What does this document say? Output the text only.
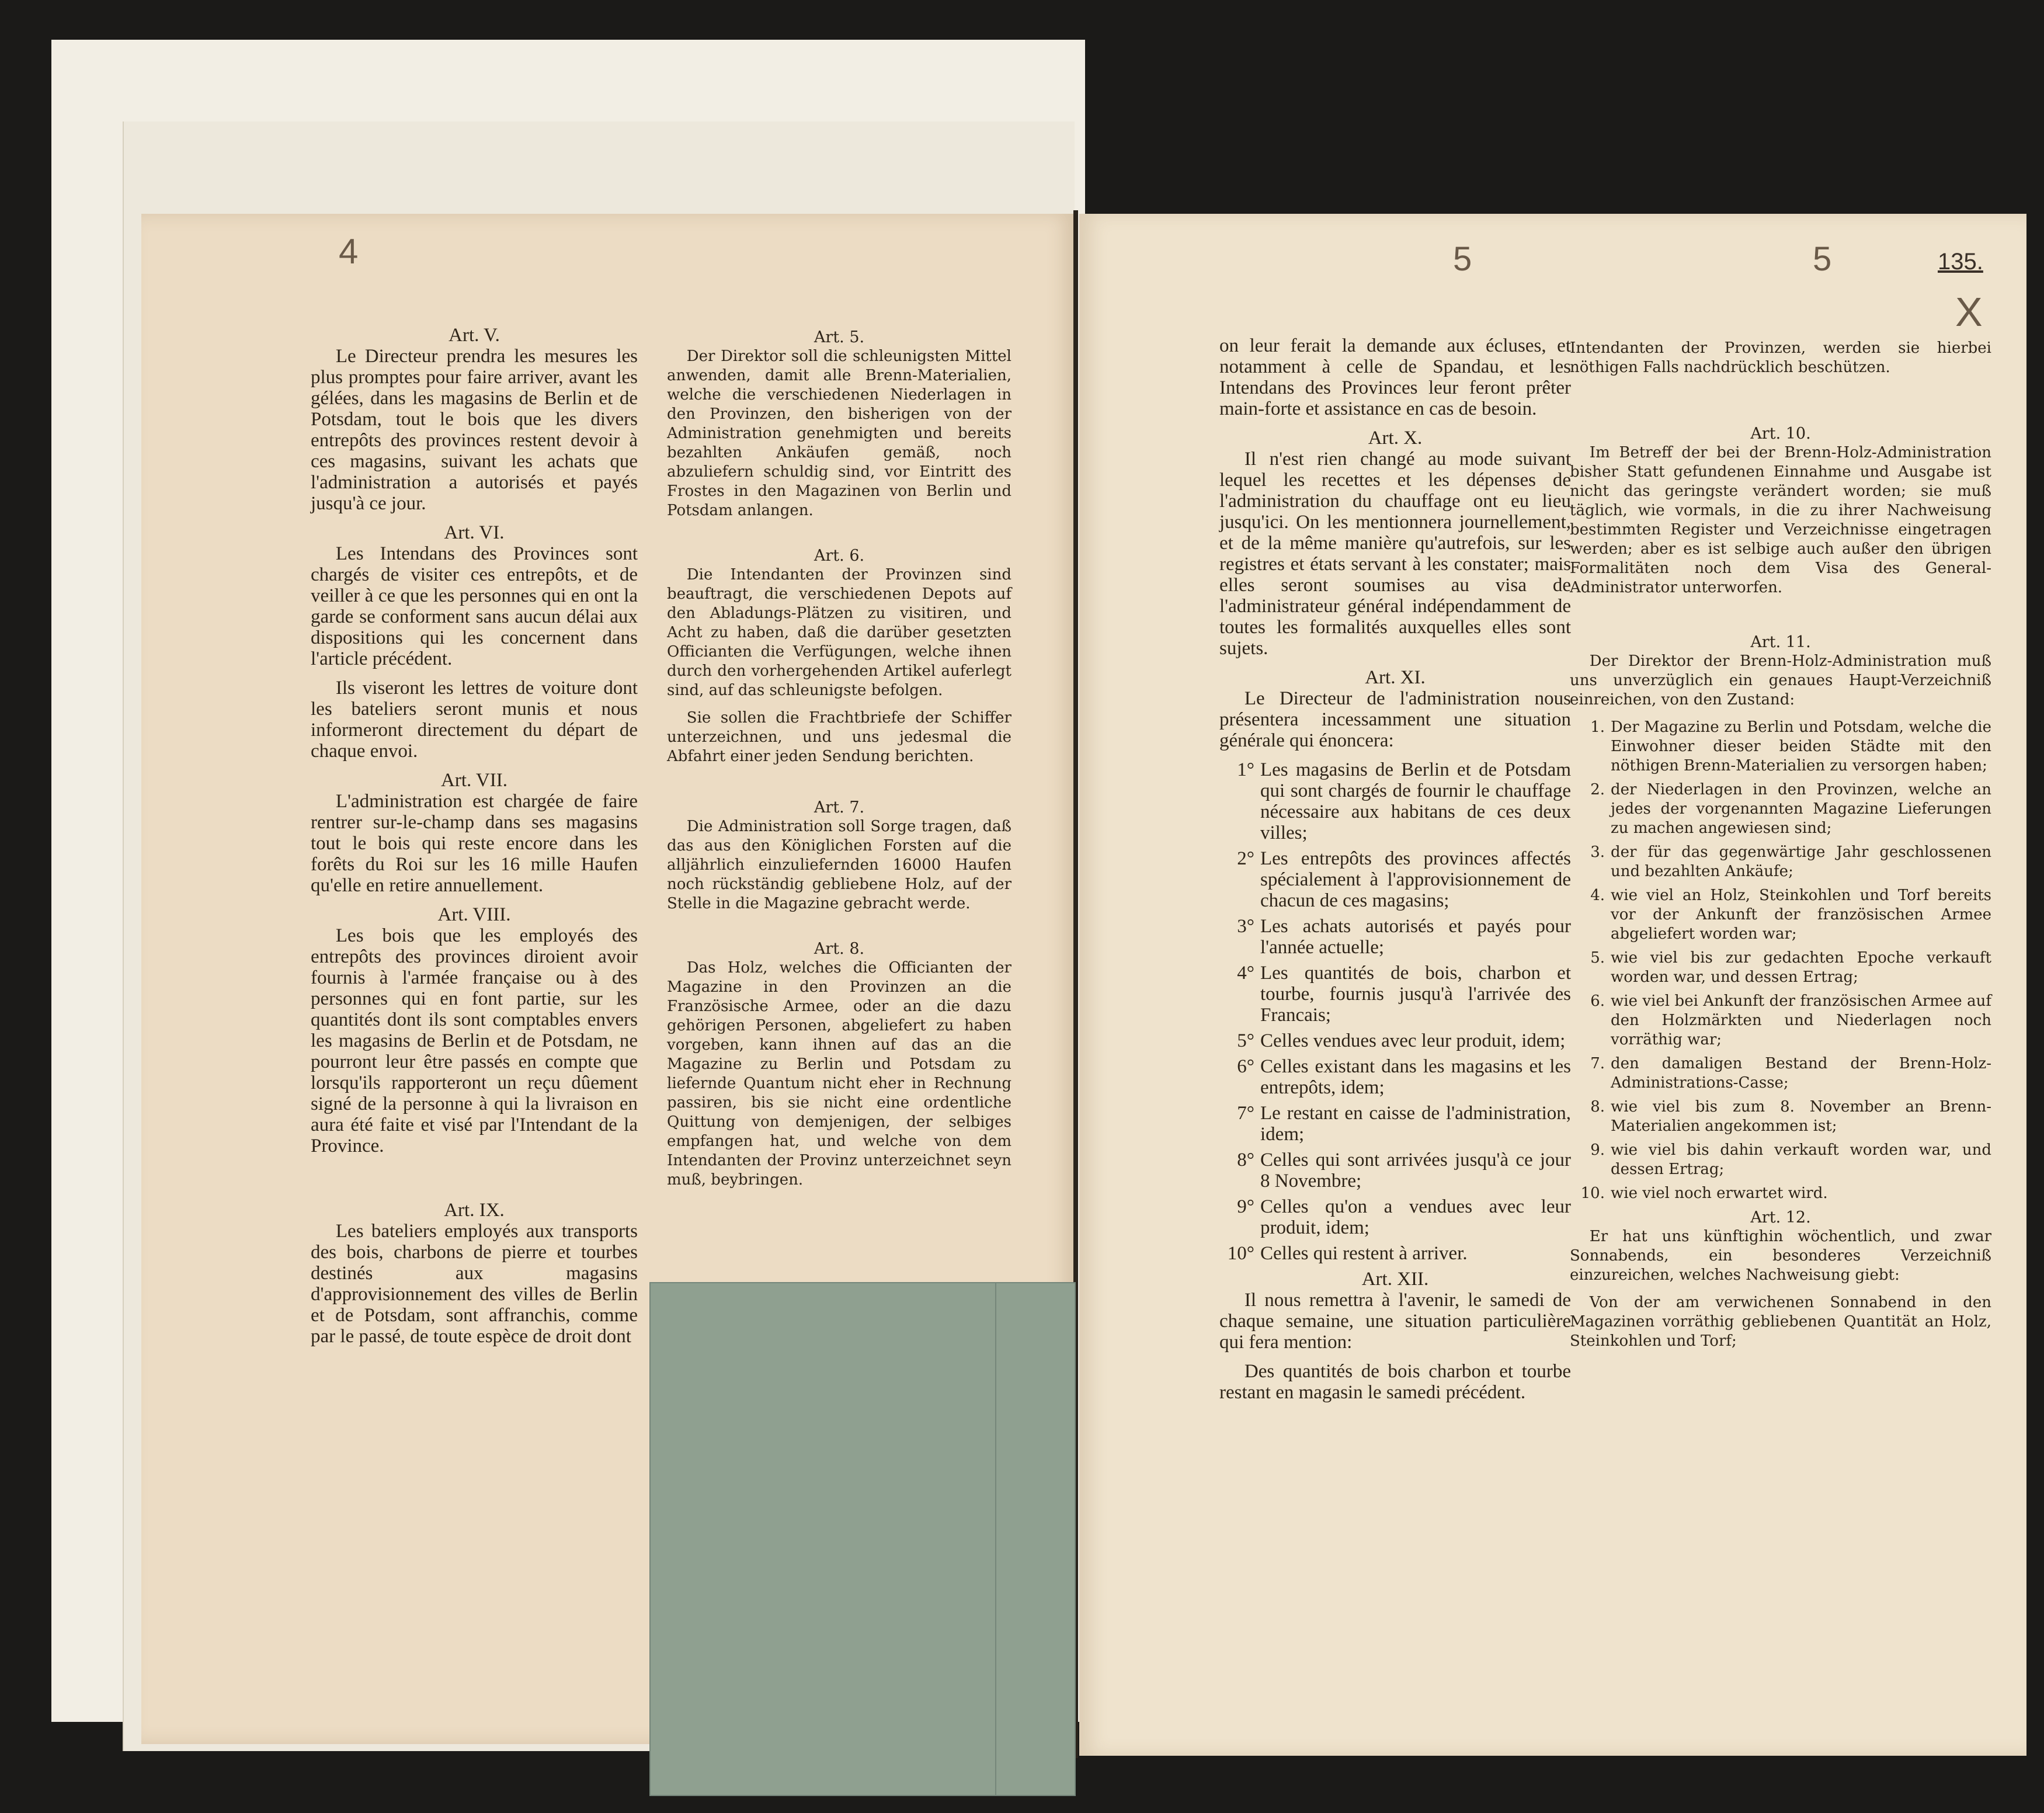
4
Art. V.

Le Directeur prendra les mesures les plus promptes pour faire arriver, avant les gélées, dans les magasins de Berlin et de Potsdam, tout le bois que les divers entrepôts des provinces restent devoir à ces magasins, suivant les achats que l'administration a autorisés et payés jusqu'à ce jour.

Art. VI.

Les Intendans des Provinces sont chargés de visiter ces entrepôts, et de veiller à ce que les personnes qui en ont la garde se conforment sans aucun délai aux dispositions qui les concernent dans l'article précédent.

Ils viseront les lettres de voiture dont les bateliers seront munis et nous informeront directement du départ de chaque envoi.

Art. VII.

L'administration est chargée de faire rentrer sur-le-champ dans ses magasins tout le bois qui reste encore dans les forêts du Roi sur les 16 mille Haufen qu'elle en retire annuellement.

Art. VIII.

Les bois que les employés des entrepôts des provinces diroient avoir fournis à l'armée française ou à des personnes qui en font partie, sur les quantités dont ils sont comptables envers les magasins de Berlin et de Potsdam, ne pourront leur être passés en compte que lorsqu'ils rapporteront un reçu dûement signé de la personne à qui la livraison en aura été faite et visé par l'Intendant de la Province.

Art. IX.

Les bateliers employés aux transports des bois, charbons de pierre et tourbes destinés aux magasins d'approvisionnement des villes de Berlin et de Potsdam, sont affranchis, comme par le passé, de toute espèce de droit dont

Art. 5.

Der Direktor soll die schleunigsten Mittel anwenden, damit alle Brenn-Materialien, welche die verschiedenen Niederlagen in den Provinzen, den bisherigen von der Administration genehmigten und bereits bezahlten Ankäufen gemäß, noch abzuliefern schuldig sind, vor Eintritt des Frostes in den Magazinen von Berlin und Potsdam anlangen.

Art. 6.

Die Intendanten der Provinzen sind beauftragt, die verschiedenen Depots auf den Abladungs-Plätzen zu visitiren, und Acht zu haben, daß die darüber gesetzten Officianten die Verfügungen, welche ihnen durch den vorhergehenden Artikel auferlegt sind, auf das schleunigste befolgen.

Sie sollen die Frachtbriefe der Schiffer unterzeichnen, und uns jedesmal die Abfahrt einer jeden Sendung berichten.

Art. 7.

Die Administration soll Sorge tragen, daß das aus den Königlichen Forsten auf die alljährlich einzuliefernden 16000 Haufen noch rückständig gebliebene Holz, auf der Stelle in die Magazine gebracht werde.

Art. 8.

Das Holz, welches die Officianten der Magazine in den Provinzen an die Französische Armee, oder an die dazu gehörigen Personen, abgeliefert zu haben vorgeben, kann ihnen auf das an die Magazine zu Berlin und Potsdam zu liefernde Quantum nicht eher in Rechnung passiren, bis sie nicht eine ordentliche Quittung von demjenigen, der selbiges empfangen hat, und welche von dem Intendanten der Provinz unterzeichnet seyn muß, beybringen.

5	5	135.
X

on leur ferait la demande aux écluses, et notamment à celle de Spandau, et les Intendans des Provinces leur feront prêter main-forte et assistance en cas de besoin.

Art. X.

Il n'est rien changé au mode suivant lequel les recettes et les dépenses de l'administration du chauffage ont eu lieu jusqu'ici. On les mentionnera journellement, et de la même manière qu'autrefois, sur les registres et états servant à les constater; mais elles seront soumises au visa de l'administrateur général indépendamment de toutes les formalités auxquelles elles sont sujets.

Art. XI.

Le Directeur de l'administration nous présentera incessamment une situation générale qui énoncera:

1° Les magasins de Berlin et de Potsdam qui sont chargés de fournir le chauffage nécessaire aux habitans de ces deux villes;
2° Les entrepôts des provinces affectés spécialement à l'approvisionnement de chacun de ces magasins;
3° Les achats autorisés et payés pour l'année actuelle;
4° Les quantités de bois, charbon et tourbe, fournis jusqu'à l'arrivée des Francais;
5° Celles vendues avec leur produit, idem;
6° Celles existant dans les magasins et les entrepôts, idem;
7° Le restant en caisse de l'administration, idem;
8° Celles qui sont arrivées jusqu'à ce jour 8 Novembre;
9° Celles qu'on a vendues avec leur produit, idem;
10° Celles qui restent à arriver.
Art. XII.

Il nous remettra à l'avenir, le samedi de chaque semaine, une situation particulière qui fera mention:

Des quantités de bois charbon et tourbe restant en magasin le samedi précédent.

Intendanten der Provinzen, werden sie hierbei nöthigen Falls nachdrücklich beschützen.

Art. 10.

Im Betreff der bei der Brenn-Holz-Administration bisher Statt gefundenen Einnahme und Ausgabe ist nicht das geringste verändert worden; sie muß täglich, wie vormals, in die zu ihrer Nachweisung bestimmten Register und Verzeichnisse eingetragen werden; aber es ist selbige auch außer den übrigen Formalitäten noch dem Visa des General-Administrator unterworfen.

Art. 11.

Der Direktor der Brenn-Holz-Administration muß uns unverzüglich ein genaues Haupt-Verzeichniß einreichen, von den Zustand:

1. Der Magazine zu Berlin und Potsdam, welche die Einwohner dieser beiden Städte mit den nöthigen Brenn-Materialien zu versorgen haben;
2. der Niederlagen in den Provinzen, welche an jedes der vorgenannten Magazine Lieferungen zu machen angewiesen sind;
3. der für das gegenwärtige Jahr geschlossenen und bezahlten Ankäufe;
4. wie viel an Holz, Steinkohlen und Torf bereits vor der Ankunft der französischen Armee abgeliefert worden war;
5. wie viel bis zur gedachten Epoche verkauft worden war, und dessen Ertrag;
6. wie viel bei Ankunft der französischen Armee auf den Holzmärkten und Niederlagen noch vorräthig war;
7. den damaligen Bestand der Brenn-Holz-Administrations-Casse;
8. wie viel bis zum 8. November an Brenn-Materialien angekommen ist;
9. wie viel bis dahin verkauft worden war, und dessen Ertrag;
10. wie viel noch erwartet wird.
Art. 12.

Er hat uns künftighin wöchentlich, und zwar Sonnabends, ein besonderes Verzeichniß einzureichen, welches Nachweisung giebt:

Von der am verwichenen Sonnabend in den Magazinen vorräthig gebliebenen Quantität an Holz, Steinkohlen und Torf;
